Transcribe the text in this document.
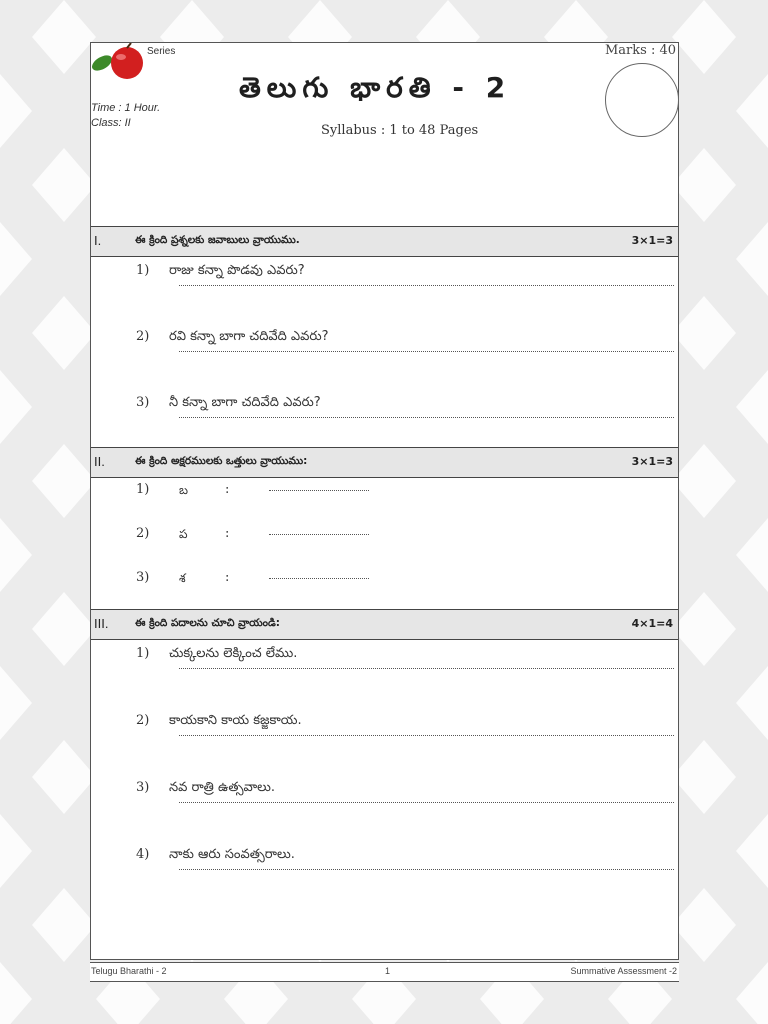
Series	Marks : 40
తెలుగు భారతి - 2
Time : 1 Hour.
Class: II	Syllabus : 1 to 48 Pages
I.	ఈ క్రింది ప్రశ్నలకు జవాబులు వ్రాయుము.	3×1=3
1) రాజు కన్నా పొడవు ఎవరు?
2) రవి కన్నా బాగా చదివేది ఎవరు?
3) నీ కన్నా బాగా చదివేది ఎవరు?
II.	ఈ క్రింది అక్షరములకు ఒత్తులు వ్రాయుము:	3×1=3
1) బ	:
2) ప	:
3) శ	:
III.	ఈ క్రింది పదాలను చూచి వ్రాయండి:	4×1=4
1) చుక్కలను లెక్కించ లేము.
2) కాయకాని కాయ కజ్జకాయ.
3) నవ రాత్రి ఉత్సవాలు.
4) నాకు ఆరు సంవత్సరాలు.
Telugu Bharathi - 2	1	Summative Assessment -2
